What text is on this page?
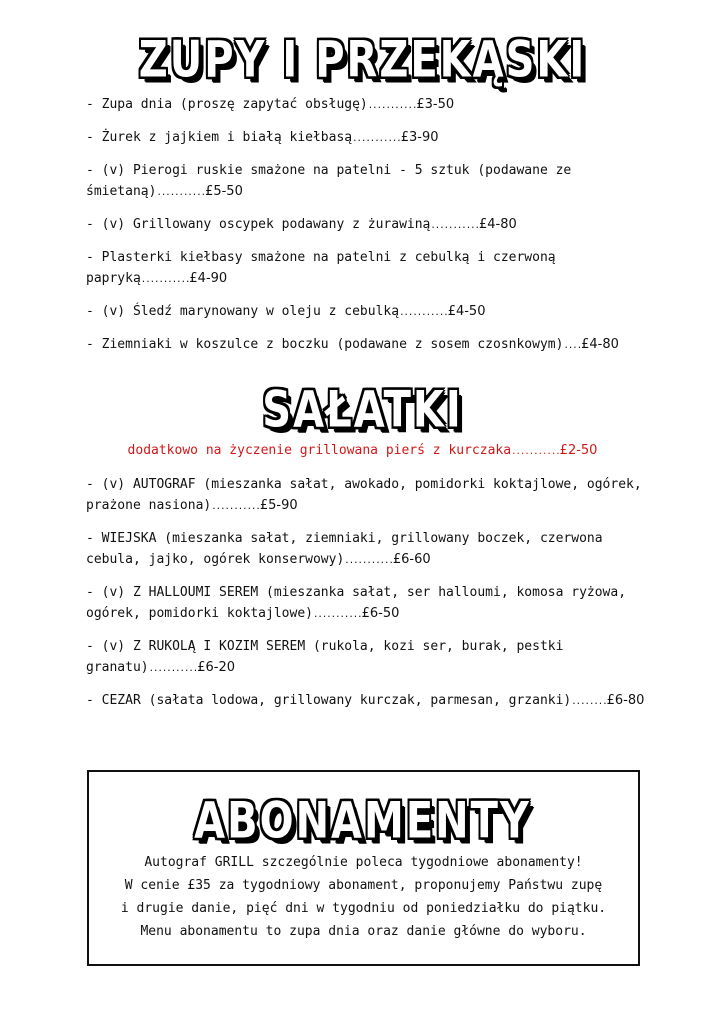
ZUPY I PRZEKĄSKI
- Zupa dnia (proszę zapytać obsługę)...........£3-50
- Żurek z jajkiem i białą kiełbasą...........£3-90
- (v) Pierogi ruskie smażone na patelni - 5 sztuk (podawane ze śmietaną)...........£5-50
- (v) Grillowany oscypek podawany z żurawiną...........£4-80
- Plasterki kiełbasy smażone na patelni z cebulką i czerwoną papryką...........£4-90
- (v) Śledź marynowany w oleju z cebulką...........£4-50
- Ziemniaki w koszulce z boczku (podawane z sosem czosnkowym)....£4-80
SAŁATKI
dodatkowo na życzenie grillowana pierś z kurczaka...........£2-50
- (v) AUTOGRAF (mieszanka sałat, awokado, pomidorki koktajlowe, ogórek, prażone nasiona)...........£5-90
- WIEJSKA (mieszanka sałat, ziemniaki, grillowany boczek, czerwona cebula, jajko, ogórek konserwowy)...........£6-60
- (v) Z HALLOUMI SEREM (mieszanka sałat, ser halloumi, komosa ryżowa, ogórek, pomidorki koktajlowe)...........£6-50
- (v) Z RUKOLĄ I KOZIM SEREM (rukola, kozi ser, burak, pestki granatu)...........£6-20
- CEZAR (sałata lodowa, grillowany kurczak, parmesan, grzanki)........£6-80
ABONAMENTY
Autograf GRILL szczególnie poleca tygodniowe abonamenty!
W cenie £35 za tygodniowy abonament, proponujemy Państwu zupę
i drugie danie, pięć dni w tygodniu od poniedziałku do piątku.
Menu abonamentu to zupa dnia oraz danie główne do wyboru.
